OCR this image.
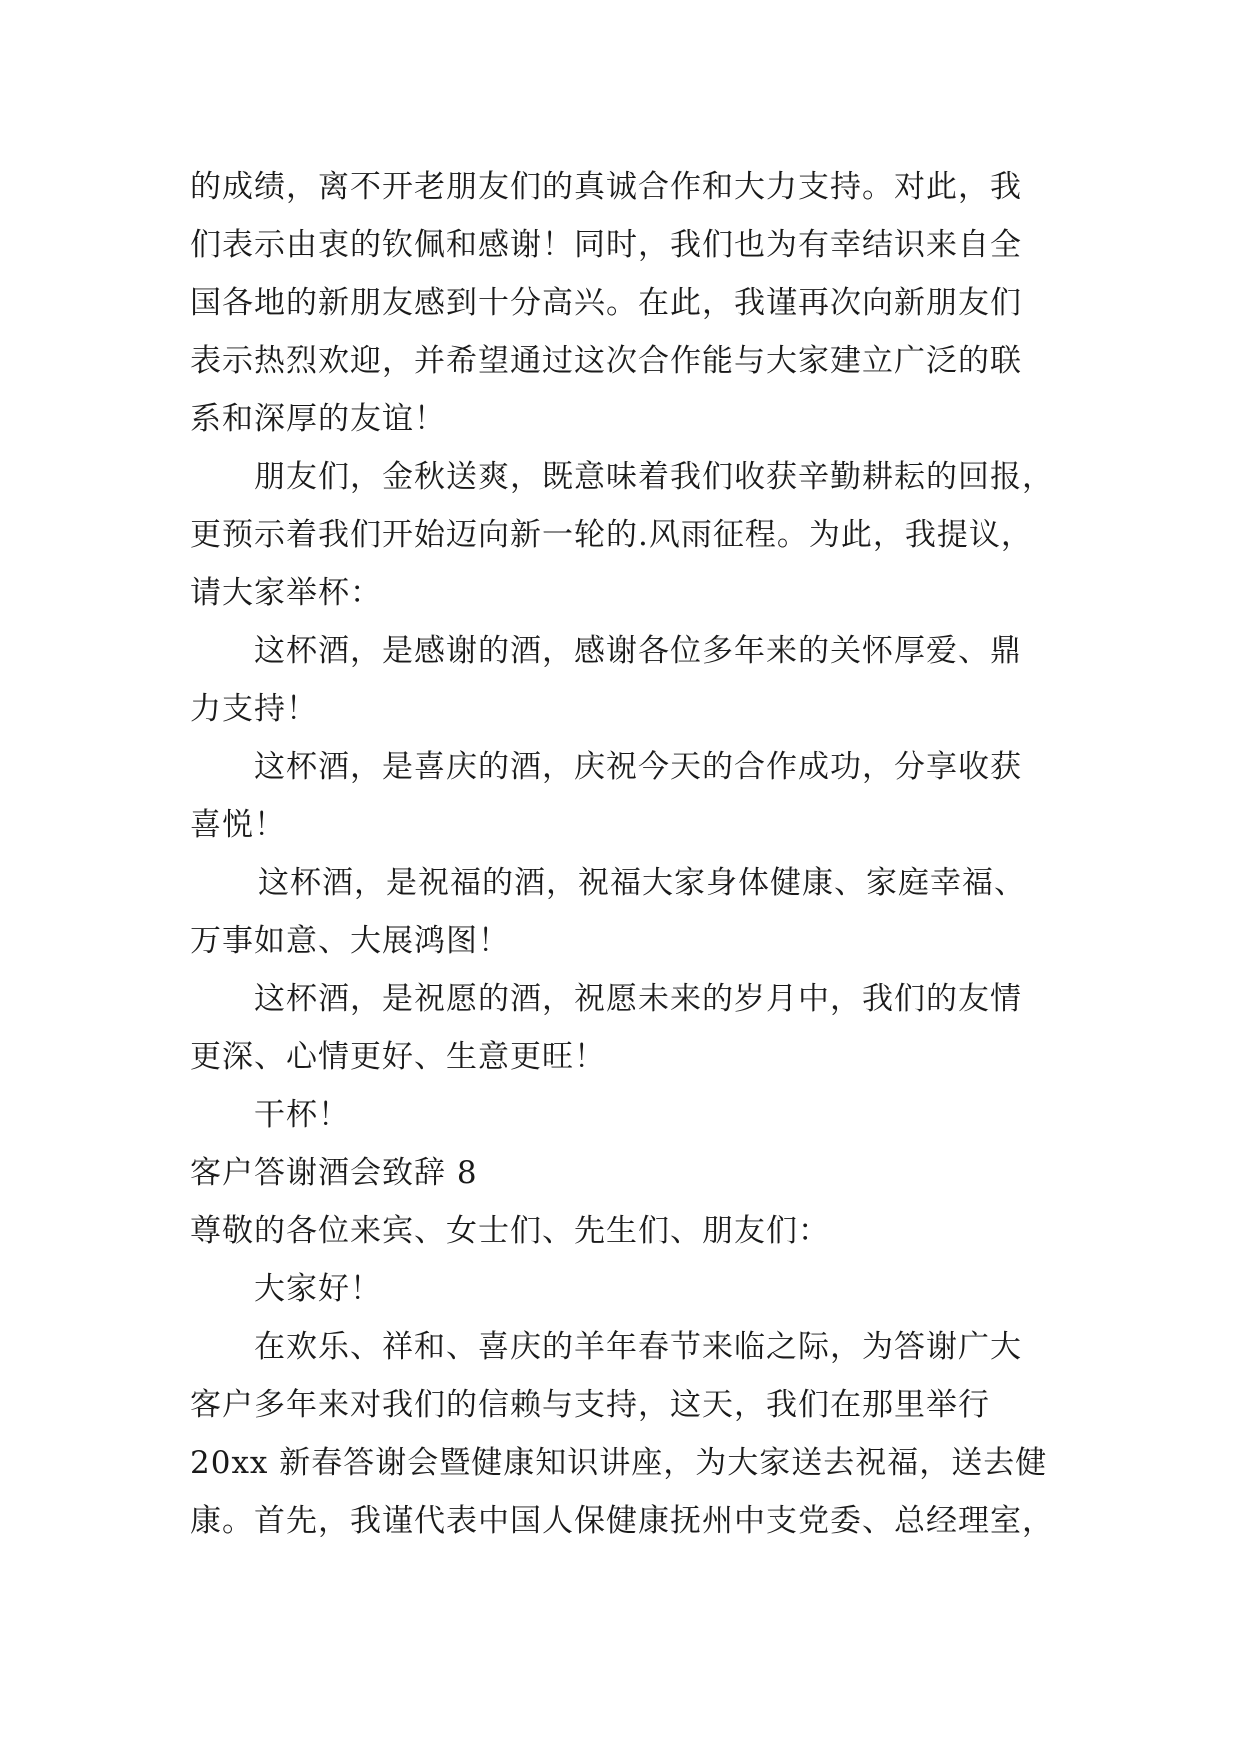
的成绩，离不开老朋友们的真诚合作和大力支持。对此，我
们表示由衷的钦佩和感谢！同时，我们也为有幸结识来自全
国各地的新朋友感到十分高兴。在此，我谨再次向新朋友们
表示热烈欢迎，并希望通过这次合作能与大家建立广泛的联
系和深厚的友谊！
朋友们，金秋送爽，既意味着我们收获辛勤耕耘的回报，
更预示着我们开始迈向新一轮的.风雨征程。为此，我提议，
请大家举杯：
这杯酒，是感谢的酒，感谢各位多年来的关怀厚爱、鼎
力支持！
这杯酒，是喜庆的酒，庆祝今天的合作成功，分享收获
喜悦！
这杯酒，是祝福的酒，祝福大家身体健康、家庭幸福、
万事如意、大展鸿图！
这杯酒，是祝愿的酒，祝愿未来的岁月中，我们的友情
更深、心情更好、生意更旺！
干杯！
客户答谢酒会致辞 8
尊敬的各位来宾、女士们、先生们、朋友们：
大家好！
在欢乐、祥和、喜庆的羊年春节来临之际，为答谢广大
客户多年来对我们的信赖与支持，这天，我们在那里举行
20xx 新春答谢会暨健康知识讲座，为大家送去祝福，送去健
康。首先，我谨代表中国人保健康抚州中支党委、总经理室，
